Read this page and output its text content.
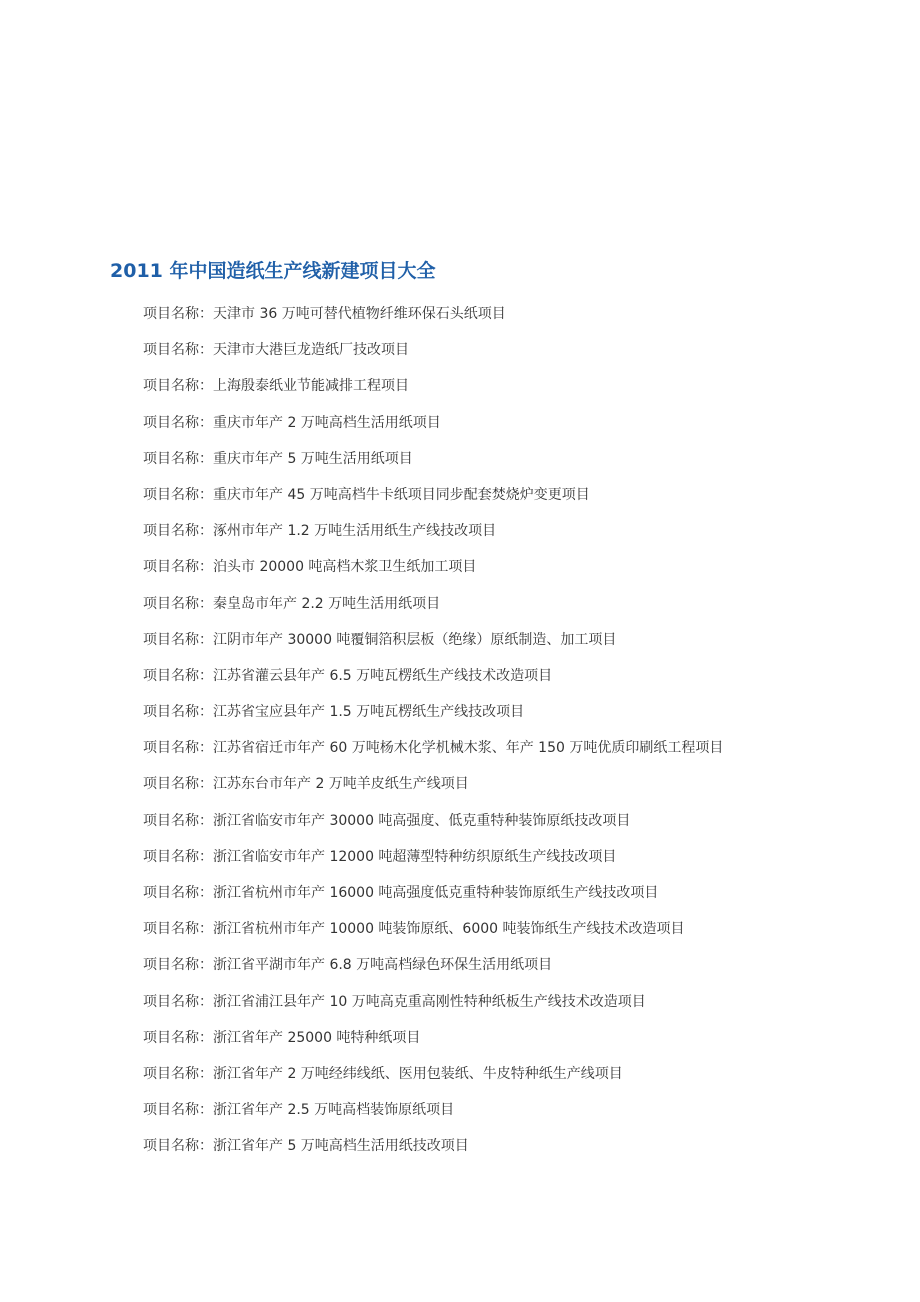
2011 年中国造纸生产线新建项目大全
项目名称：天津市 36 万吨可替代植物纤维环保石头纸项目
项目名称：天津市大港巨龙造纸厂技改项目
项目名称：上海殷泰纸业节能减排工程项目
项目名称：重庆市年产 2 万吨高档生活用纸项目
项目名称：重庆市年产 5 万吨生活用纸项目
项目名称：重庆市年产 45 万吨高档牛卡纸项目同步配套焚烧炉变更项目
项目名称：涿州市年产 1.2 万吨生活用纸生产线技改项目
项目名称：泊头市 20000 吨高档木浆卫生纸加工项目
项目名称：秦皇岛市年产 2.2 万吨生活用纸项目
项目名称：江阴市年产 30000 吨覆铜箔积层板（绝缘）原纸制造、加工项目
项目名称：江苏省灌云县年产 6.5 万吨瓦楞纸生产线技术改造项目
项目名称：江苏省宝应县年产 1.5 万吨瓦楞纸生产线技改项目
项目名称：江苏省宿迁市年产 60 万吨杨木化学机械木浆、年产 150 万吨优质印刷纸工程项目
项目名称：江苏东台市年产 2 万吨羊皮纸生产线项目
项目名称：浙江省临安市年产 30000 吨高强度、低克重特种装饰原纸技改项目
项目名称：浙江省临安市年产 12000 吨超薄型特种纺织原纸生产线技改项目
项目名称：浙江省杭州市年产 16000 吨高强度低克重特种装饰原纸生产线技改项目
项目名称：浙江省杭州市年产 10000 吨装饰原纸、6000 吨装饰纸生产线技术改造项目
项目名称：浙江省平湖市年产 6.8 万吨高档绿色环保生活用纸项目
项目名称：浙江省浦江县年产 10 万吨高克重高刚性特种纸板生产线技术改造项目
项目名称：浙江省年产 25000 吨特种纸项目
项目名称：浙江省年产 2 万吨经纬线纸、医用包装纸、牛皮特种纸生产线项目
项目名称：浙江省年产 2.5 万吨高档装饰原纸项目
项目名称：浙江省年产 5 万吨高档生活用纸技改项目
